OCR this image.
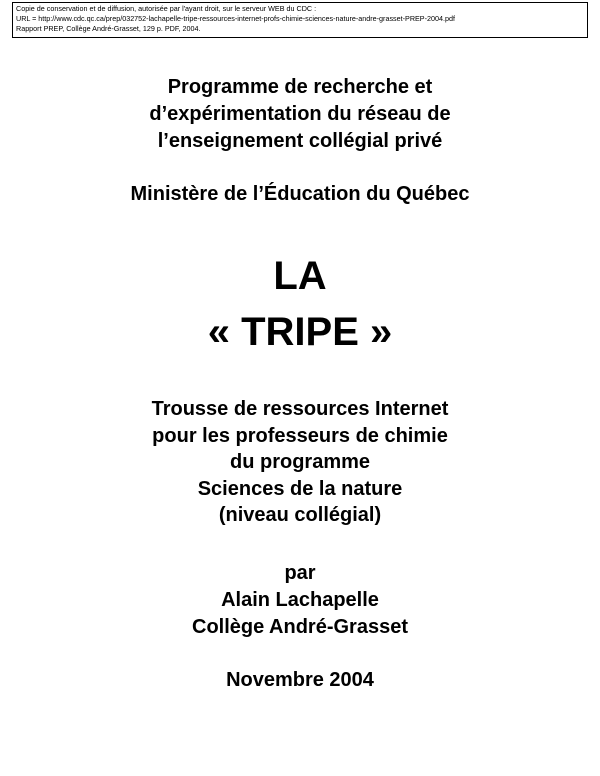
Copie de conservation et de diffusion, autorisée par l'ayant droit, sur le serveur WEB du CDC :
URL = http://www.cdc.qc.ca/prep/032752-lachapelle-tripe-ressources-internet-profs-chimie-sciences-nature-andre-grasset-PREP-2004.pdf
Rapport PREP, Collège André-Grasset, 129 p. PDF, 2004.
Programme de recherche et
d’expérimentation du réseau de
l’enseignement collégial privé
Ministère de l’Éducation du Québec
LA
« TRIPE »
Trousse de ressources Internet
pour les professeurs de chimie
du programme
Sciences de la nature
(niveau collégial)
par
Alain Lachapelle
Collège André-Grasset
Novembre 2004
